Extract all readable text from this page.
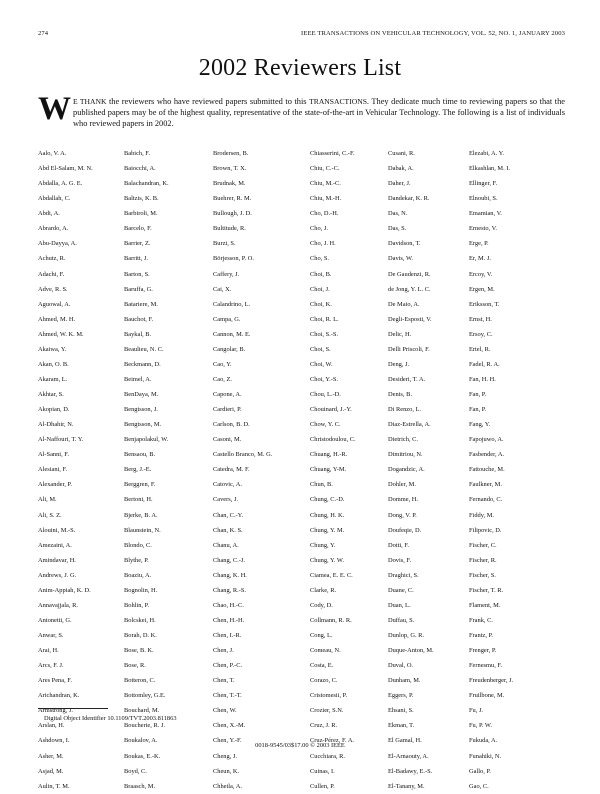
274	IEEE TRANSACTIONS ON VEHICULAR TECHNOLOGY, VOL. 52, NO. 1, JANUARY 2003
2002 Reviewers List
W E THANK the reviewers who have reviewed papers submitted to this TRANSACTIONS. They dedicate much time to reviewing papers so that the published papers may be of the highest quality, representative of the state-of-the-art in Vehicular Technology. The following is a list of individuals who reviewed papers in 2002.
Aalo, V. A.
Abd El-Salam, M. N.
Abdalla, A. G. E.
Abdallah, C.
Abdi, A.
Abrardo, A.
Abu-Dayya, A.
Achutz, R.
Adachi, F.
Adve, R. S.
Aguowal, A.
Ahmed, M. H.
Ahmed, W. K. M.
Akaiwa, Y.
Akan, O. B.
Akaram, L.
Akhtar, S.
Akopian, D.
Al-Dhahir, N.
Al-Naffouri, T. Y.
Al-Sanni, F.
Alesiani, F.
Alexander, P.
Ali, M.
Ali, S. Z.
Alouini, M.-S.
Amezaini, A.
Amindavar, H.
Andrews, J. G.
Anim-Appiah, K. D.
Annavajjala, R.
Antonetti, G.
Anwar, S.
Arai, H.
Arcs, F. J.
Ares Pena, F.
Arichandran, K.
Armstrong, J.
Arslan, H.
Ashdown, I.
Asher, M.
Asjad, M.
Aulin, T. M.
Babich, F.
Baiocchi, A.
Balachandran, K.
Baltzis, K. B.
Barbiroli, M.
Barcelo, F.
Barrier, Z.
Barritt, J.
Barton, S.
Baruffa, G.
Batariere, M.
Bauchot, F.
Baykal, B.
Beaulieu, N. C.
Beckmann, D.
Beimel, A.
BenDaya, M.
Bengtsson, J.
Bengtsson, M.
Benjapolakul, W.
Bensaou, B.
Berg, J.-E.
Berggren, F.
Bertoni, H.
Bjerke, B. A.
Blaunstein, N.
Blondo, C.
Blythe, P.
Boaziu, A.
Bognolin, H.
Bohlin, P.
Bolcskei, H.
Borah, D. K.
Bose, B. K.
Bose, R.
Botteron, C.
Bottomley, G.E.
Bouchard, M.
Boucherie, R. J.
Boukalov, A.
Boukas, E.-K.
Boyd, C.
Braasch, M.
Brodersen, B.
Brown, T. X.
Brudnak, M.
Buehrer, R. M.
Bullough, J. D.
Bultitude, R.
Burzi, S.
Börjesson, P. O.
Caffery, J.
Cai, X.
Calandrino, L.
Campa, G.
Cannon, M. E.
Cangolar, B.
Cao, Y.
Cao, Z.
Capone, A.
Cardieri, P.
Carlson, B. D.
Casoni, M.
Castello Branco, M. G.
Catedra, M. F.
Catovic, A.
Cavers, J.
Chan, C.-Y.
Chan, K. S.
Chanu, A.
Chang, C.-J.
Chang, K. H.
Chang, R.-S.
Chao, H.-C.
Chen, H.-H.
Chen, I.-R.
Chen, J.
Chen, P.-C.
Chen, T.
Chen, T.-T.
Chen, W.
Chen, X.-M.
Chen, Y.-F.
Cheng, J.
Cheun, K.
Chhetla, A.
Chiasserini, C.-F.
Chiu, C.-C.
Chiu, M.-C.
Chiu, M.-H.
Cho, D.-H.
Cho, J.
Cho, J. H.
Cho, S.
Choi, B.
Choi, J.
Choi, K.
Choi, R. L.
Choi, S.-S.
Choi, S.
Choi, W.
Choi, Y.-S.
Chou, L.-D.
Chouinard, J.-Y.
Chow, Y. C.
Christodoulou, C.
Chuang, H.-R.
Chuang, Y-M.
Chun, B.
Chung, C.-D.
Chung, H. K.
Chung, Y. M.
Chung, Y.
Chung, Y. W.
Ciamea, E. E. C.
Clarke, R.
Cody, D.
Collmann, R. R.
Cong, L.
Comeau, N.
Costa, E.
Corazo, C.
Cristomesii, P.
Crozier, S.N.
Cruz, J. R.
Cruz-Pérez, F. A.
Cucchiara, R.
Cuinas, I.
Cullen, P.
Cusani, R.
Dabak, A.
Daher, J.
Dandekar, K. R.
Das, N.
Das, S.
Davidson, T.
Davis, W.
De Gaudenzi, R.
de Jong, Y. L. C.
De Maio, A.
Degli-Esposti, V.
Delic, H.
Delli Priscoli, F.
Deng, J.
Desideri, T. A.
Denis, B.
Di Renzo, L.
Diaz-Estrella, A.
Dietrich, C.
Dimitriou, N.
Dogandzic, A.
Dohler, M.
Domme, H.
Dong, V. P.
Doufeqie, D.
Dotti, F.
Dovis, F.
Draghici, S.
Duane, C.
Duan, L.
Duffau, S.
Dunlop, G. R.
Duque-Anton, M.
Duval, O.
Dunham, M.
Eggers, P.
Ehsani, S.
Ekman, T.
El Gamal, H.
El-Arnaouty, A.
El-Badawy, E.-S.
El-Tanany, M.
Elezabi, A. Y.
Elkashlan, M. I.
Ellinger, F.
Elnoubi, S.
Emamian, V.
Ernesto, V.
Erge, P.
Er, M. J.
Ercoy, V.
Ergen, M.
Eriksson, T.
Ernst, H.
Ersoy, C.
Ertel, R.
Fadel, R. A.
Fan, H. H.
Fan, P.
Fan, P.
Fang, Y.
Fapojuwo, A.
Fasbender, A.
Fattouche, M.
Faulkner, M.
Fernando, C.
Fiddy, M.
Filipovic, D.
Fischer, C.
Fischer, R.
Fischer, S.
Fischer, T. R.
Flament, M.
Frank, C.
Frantz, P.
Frenger, P.
Fernesmu, F.
Freudenberger, J.
Fruilbone, M.
Fu, J.
Fu, P. W.
Fukuda, A.
Funahiki, N.
Gallo, P.
Gao, C.
Digital Object Identifier 10.1109/TVT.2003.811863
0018-9545/03$17.00 © 2003 IEEE
